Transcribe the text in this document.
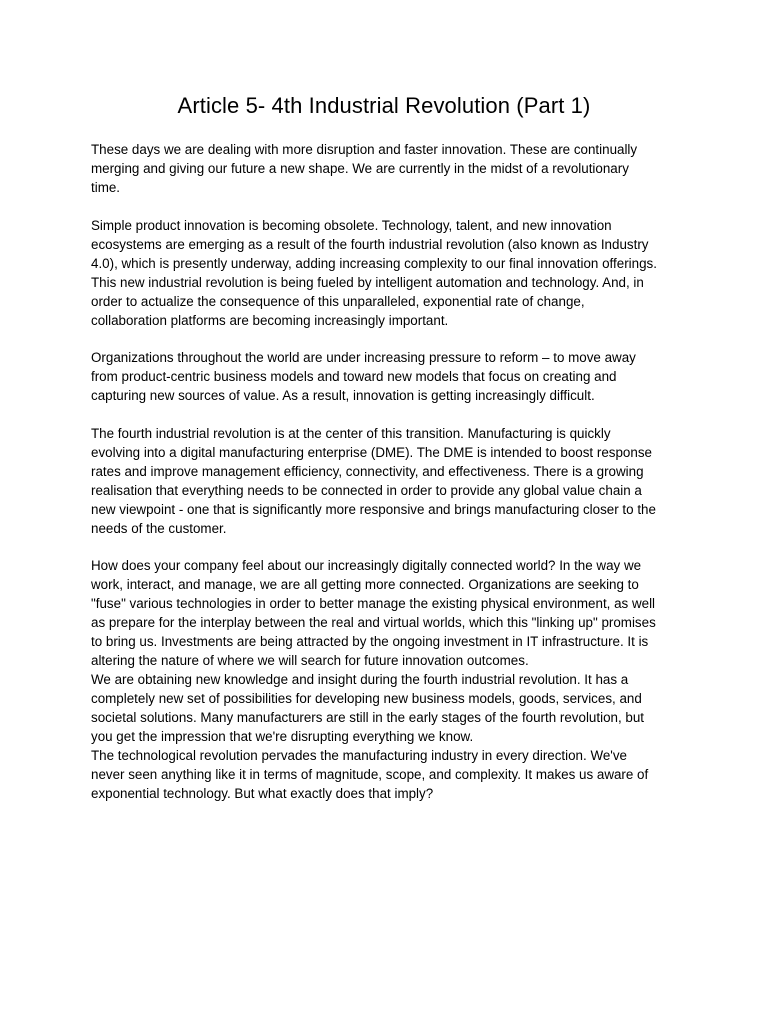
Article 5- 4th Industrial Revolution (Part 1)
These days we are dealing with more disruption and faster innovation. These are continually
merging and giving our future a new shape. We are currently in the midst of a revolutionary
time.
Simple product innovation is becoming obsolete. Technology, talent, and new innovation
ecosystems are emerging as a result of the fourth industrial revolution (also known as Industry
4.0), which is presently underway, adding increasing complexity to our final innovation offerings.
This new industrial revolution is being fueled by intelligent automation and technology. And, in
order to actualize the consequence of this unparalleled, exponential rate of change,
collaboration platforms are becoming increasingly important.
Organizations throughout the world are under increasing pressure to reform – to move away
from product-centric business models and toward new models that focus on creating and
capturing new sources of value. As a result, innovation is getting increasingly difficult.
The fourth industrial revolution is at the center of this transition. Manufacturing is quickly
evolving into a digital manufacturing enterprise (DME). The DME is intended to boost response
rates and improve management efficiency, connectivity, and effectiveness. There is a growing
realisation that everything needs to be connected in order to provide any global value chain a
new viewpoint - one that is significantly more responsive and brings manufacturing closer to the
needs of the customer.
How does your company feel about our increasingly digitally connected world? In the way we
work, interact, and manage, we are all getting more connected. Organizations are seeking to
"fuse" various technologies in order to better manage the existing physical environment, as well
as prepare for the interplay between the real and virtual worlds, which this "linking up" promises
to bring us. Investments are being attracted by the ongoing investment in IT infrastructure. It is
altering the nature of where we will search for future innovation outcomes.
We are obtaining new knowledge and insight during the fourth industrial revolution. It has a
completely new set of possibilities for developing new business models, goods, services, and
societal solutions. Many manufacturers are still in the early stages of the fourth revolution, but
you get the impression that we're disrupting everything we know.
The technological revolution pervades the manufacturing industry in every direction. We've
never seen anything like it in terms of magnitude, scope, and complexity. It makes us aware of
exponential technology. But what exactly does that imply?
